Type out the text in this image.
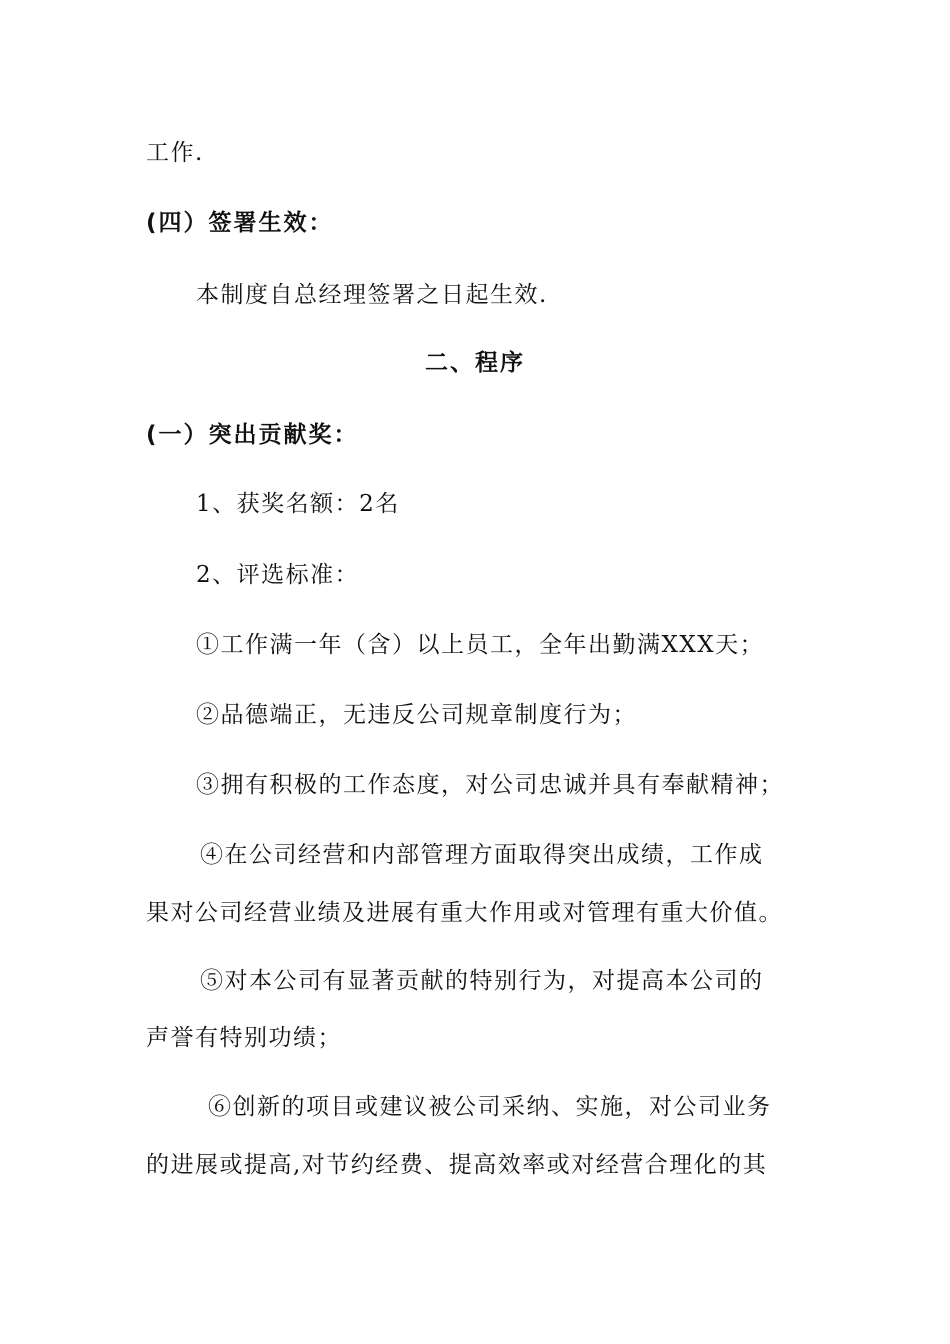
工作.
(四）签署生效：
本制度自总经理签署之日起生效.
二、程序
(一）突出贡献奖：
1、获奖名额：2名
2、评选标准：
①工作满一年（含）以上员工，全年出勤满XXX天；
②品德端正，无违反公司规章制度行为；
③拥有积极的工作态度，对公司忠诚并具有奉献精神；
④在公司经营和内部管理方面取得突出成绩，工作成
果对公司经营业绩及进展有重大作用或对管理有重大价值。
⑤对本公司有显著贡献的特别行为，对提高本公司的
声誉有特别功绩；
⑥创新的项目或建议被公司采纳、实施，对公司业务
的进展或提高,对节约经费、提高效率或对经营合理化的其
